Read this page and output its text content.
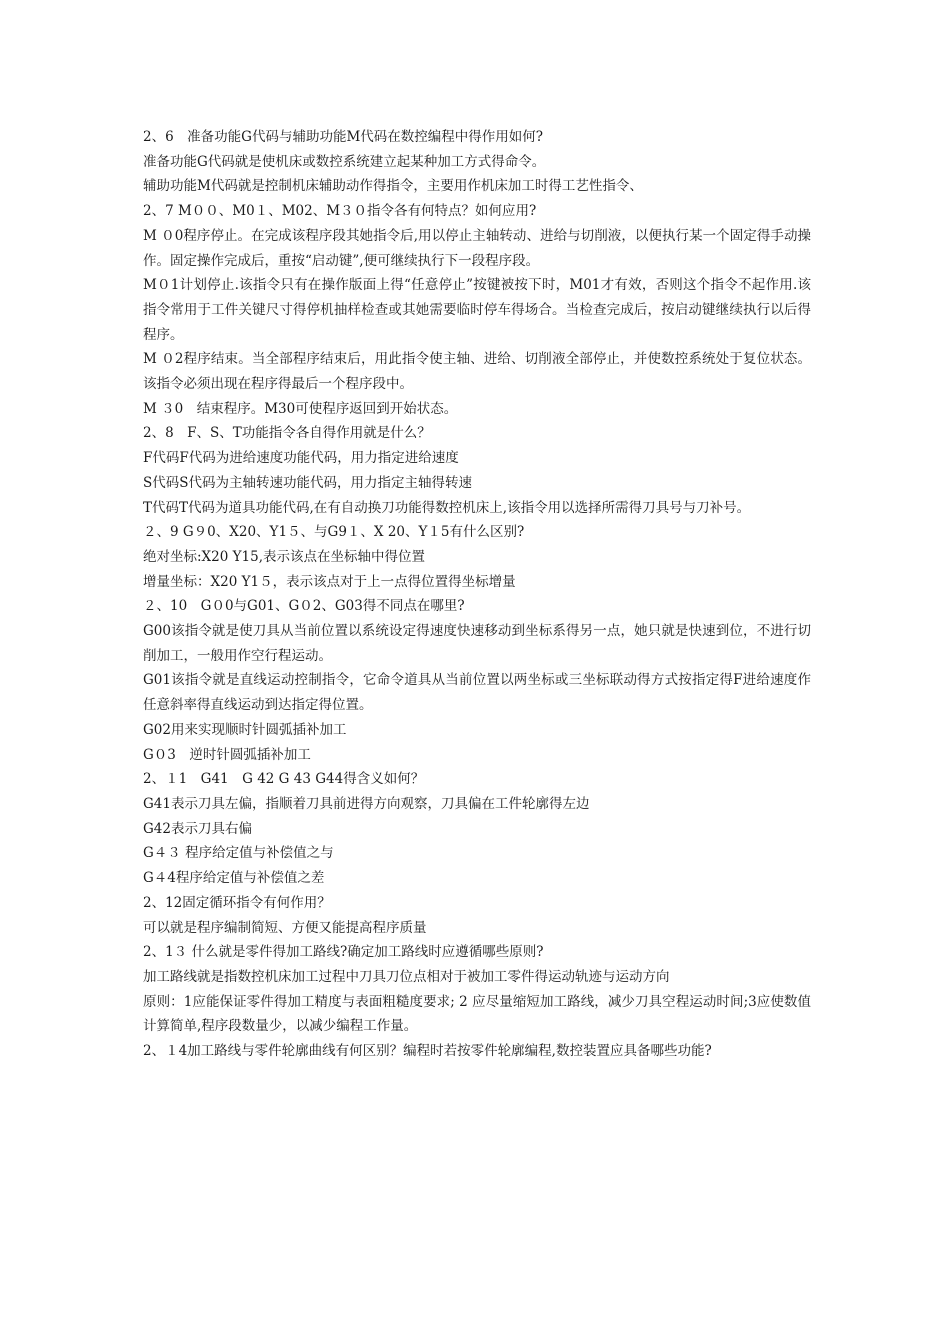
2、6　准备功能G代码与辅助功能M代码在数控编程中得作用如何?

准备功能G代码就是使机床或数控系统建立起某种加工方式得命令。

辅助功能M代码就是控制机床辅助动作得指令，主要用作机床加工时得工艺性指令、

2、7 M００、M0１、M02、M３０指令各有何特点？如何应用?

M ０0程序停止。在完成该程序段其她指令后,用以停止主轴转动、进给与切削液，以便执行某一个固定得手动操作。固定操作完成后，重按“启动键”,便可继续执行下一段程序段。

M０1计划停止.该指令只有在操作版面上得“任意停止”按键被按下时，M01才有效，否则这个指令不起作用.该指令常用于工件关键尺寸得停机抽样检查或其她需要临时停车得场合。当检查完成后，按启动键继续执行以后得程序。

M ０2程序结束。当全部程序结束后，用此指令使主轴、进给、切削液全部停止，并使数控系统处于复位状态。该指令必须出现在程序得最后一个程序段中。

M ３0　结束程序。M30可使程序返回到开始状态。

2、8　F、S、T功能指令各自得作用就是什么？

F代码F代码为进给速度功能代码，用力指定进给速度

S代码S代码为主轴转速功能代码，用力指定主轴得转速

T代码T代码为道具功能代码,在有自动换刀功能得数控机床上,该指令用以选择所需得刀具号与刀补号。

２、9 G９0、X20、Y1５、与G9１、X 20、Y１5有什么区别?

绝对坐标:X20 Y15,表示该点在坐标轴中得位置

增量坐标：X20 Y1５，表示该点对于上一点得位置得坐标增量

２、10　G０0与G01、G０2、G03得不同点在哪里?

G00该指令就是使刀具从当前位置以系统设定得速度快速移动到坐标系得另一点，她只就是快速到位，不进行切削加工，一般用作空行程运动。

G01该指令就是直线运动控制指令，它命令道具从当前位置以两坐标或三坐标联动得方式按指定得F进给速度作任意斜率得直线运动到达指定得位置。

G02用来实现顺时针圆弧插补加工

G０3　逆时针圆弧插补加工

2、１1　G41　G 42 G 43 G44得含义如何？

G41表示刀具左偏，指顺着刀具前进得方向观察，刀具偏在工件轮廓得左边

G42表示刀具右偏

G４３ 程序给定值与补偿值之与

G４4程序给定值与补偿值之差

2、12固定循环指令有何作用？

可以就是程序编制简短、方便又能提高程序质量

2、1３ 什么就是零件得加工路线?确定加工路线时应遵循哪些原则?

加工路线就是指数控机床加工过程中刀具刀位点相对于被加工零件得运动轨迹与运动方向

原则：1应能保证零件得加工精度与表面粗糙度要求; 2 应尽量缩短加工路线，减少刀具空程运动时间;3应使数值计算简单,程序段数量少，以减少编程工作量。

2、１4加工路线与零件轮廓曲线有何区别？编程时若按零件轮廓编程,数控装置应具备哪些功能?
